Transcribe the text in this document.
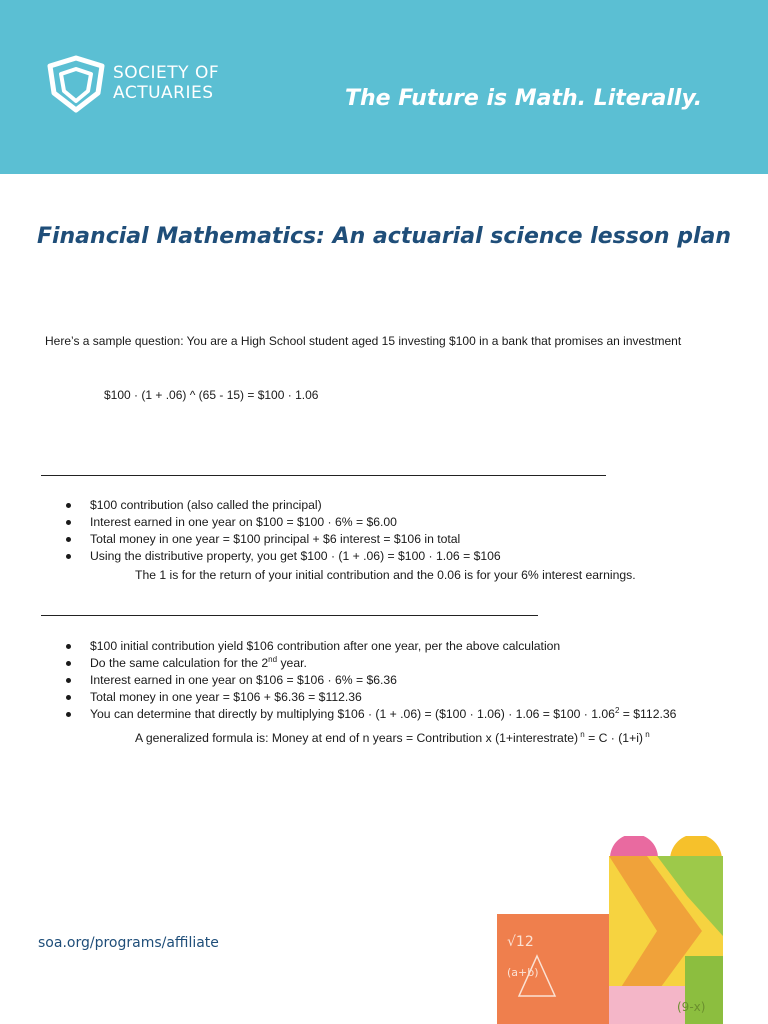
SOCIETY OF
ACTUARIES	The Future is Math. Literally.
Financial Mathematics: An actuarial science lesson plan
Here’s a sample question: You are a High School student aged 15 investing $100 in a bank that promises an investment
$100 · (1 + .06) ^ (65 - 15) = $100 · 1.06
$100 contribution (also called the principal)
Interest earned in one year on $100 = $100 · 6% = $6.00
Total money in one year = $100 principal + $6 interest = $106 in total
Using the distributive property, you get $100 · (1 + .06) = $100 · 1.06 = $106
The 1 is for the return of your initial contribution and the 0.06 is for your 6% interest earnings.
$100 initial contribution yield $106 contribution after one year, per the above calculation
Do the same calculation for the 2nd year.
Interest earned in one year on $106 = $106 · 6% = $6.36
Total money in one year = $106 + $6.36 = $112.36
You can determine that directly by multiplying $106 · (1 + .06) = ($100 · 1.06) · 1.06 = $100 · $1.06^2$ = $112.36
A generalized formula is: Money at end of n years = Contribution x (1+interestrate) $^n$ = C · (1+i) $^n$
soa.org/programs/affiliate	√12
(a+b)
(9-x)
